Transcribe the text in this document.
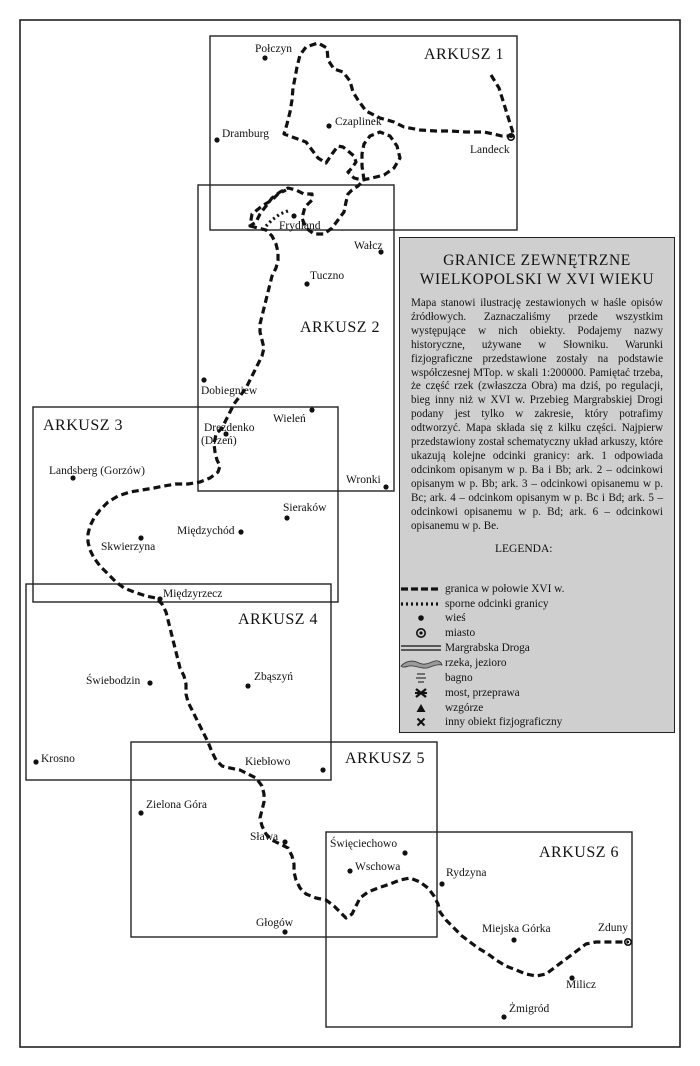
ARKUSZ 1
ARKUSZ 2
ARKUSZ 3
ARKUSZ 4
ARKUSZ 5
ARKUSZ 6
Połczyn
Dramburg
Czaplinek
Landeck
Frydland
Wałcz
Tuczno
Dobiegniew
Wieleń
Drezdenko
(Drzeń)
Wronki
Landsberg (Gorzów)
Sieraków
Międzychód
Skwierzyna
Międzyrzecz
Świebodzin	Zbąszyń
Krosno	Kiebłowo
Zielona Góra
Sława
Święciechowo
Wschowa	Rydzyna
Głogów	Miejska Górka	Zduny
Milicz
Żmigród
GRANICE ZEWNĘTRZNE
WIELKOPOLSKI W XVI WIEKU
Mapa stanowi ilustrację zestawionych w haśle opisów źródłowych. Zaznaczaliśmy przede wszystkim występujące w nich obiekty. Podajemy nazwy historyczne, używane w Słowniku. Warunki fizjograficzne przedstawione zostały na podstawie współczesnej MTop. w skali 1:200000. Pamiętać trzeba, że część rzek (zwłaszcza Obra) ma dziś, po regulacji, bieg inny niż w XVI w. Przebieg Margrabskiej Drogi podany jest tylko w zakresie, który potrafimy odtworzyć. Mapa składa się z kilku części. Najpierw przedstawiony został schematyczny układ arkuszy, które ukazują kolejne odcinki granicy: ark. 1 odpowiada odcinkom opisanym w p. Ba i Bb; ark. 2 – odcinkowi opisanym w p. Bb; ark. 3 – odcinkowi opisanemu w p. Bc; ark. 4 – odcinkom opisanym w p. Bc i Bd; ark. 5 – odcinkowi opisanemu w p. Bd; ark. 6 – odcinkowi opisanemu w p. Be.
LEGENDA:
granica w połowie XVI w.
sporne odcinki granicy
wieś
miasto
Margrabska Droga
rzeka, jezioro
bagno
most, przeprawa
wzgórze
inny obiekt fizjograficzny
